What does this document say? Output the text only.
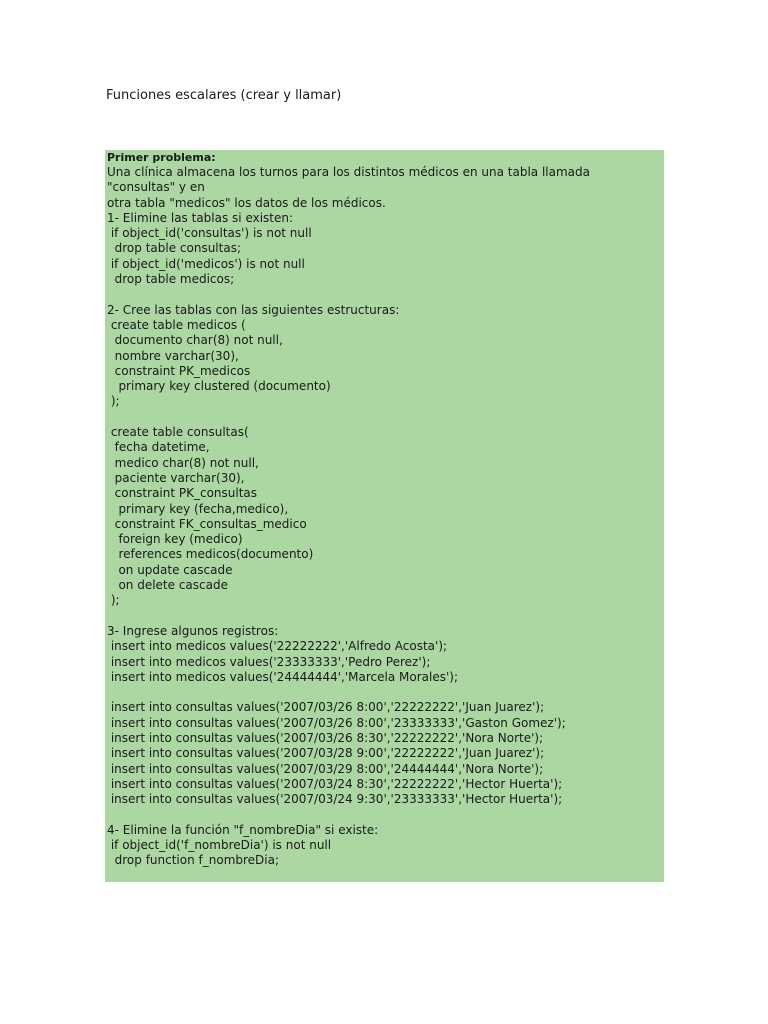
Funciones escalares (crear y llamar)
Primer problema:
Una clínica almacena los turnos para los distintos médicos en una tabla llamada
"consultas" y en
otra tabla "medicos" los datos de los médicos.
1- Elimine las tablas si existen:
if object_id('consultas') is not null
drop table consultas;
if object_id('medicos') is not null
drop table medicos;
2- Cree las tablas con las siguientes estructuras:
create table medicos (
documento char(8) not null,
nombre varchar(30),
constraint PK_medicos
primary key clustered (documento)
);
create table consultas(
fecha datetime,
medico char(8) not null,
paciente varchar(30),
constraint PK_consultas
primary key (fecha,medico),
constraint FK_consultas_medico
foreign key (medico)
references medicos(documento)
on update cascade
on delete cascade
);
3- Ingrese algunos registros:
insert into medicos values('22222222','Alfredo Acosta');
insert into medicos values('23333333','Pedro Perez');
insert into medicos values('24444444','Marcela Morales');
insert into consultas values('2007/03/26 8:00','22222222','Juan Juarez');
insert into consultas values('2007/03/26 8:00','23333333','Gaston Gomez');
insert into consultas values('2007/03/26 8:30','22222222','Nora Norte');
insert into consultas values('2007/03/28 9:00','22222222','Juan Juarez');
insert into consultas values('2007/03/29 8:00','24444444','Nora Norte');
insert into consultas values('2007/03/24 8:30','22222222','Hector Huerta');
insert into consultas values('2007/03/24 9:30','23333333','Hector Huerta');
4- Elimine la función "f_nombreDia" si existe:
if object_id('f_nombreDia') is not null
drop function f_nombreDia;
